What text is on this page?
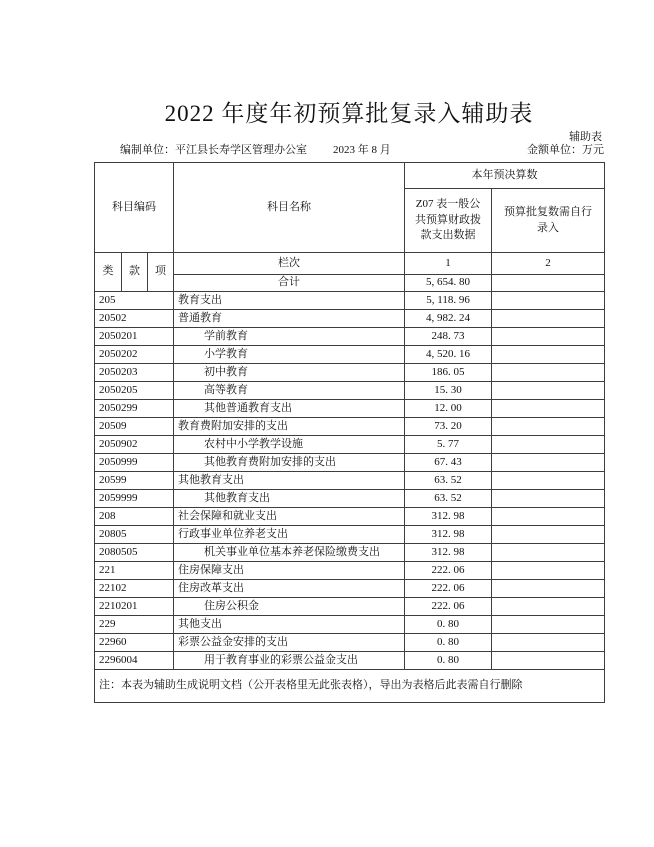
2022 年度年初预算批复录入辅助表
辅助表
编制单位：平江县长寿学区管理办公室 2023 年 8 月	金额单位：万元
科目编码			科目名称	本年预决算数	
				Z07 表一般公共预算财政拨款支出数据	预算批复数需自行录入
类	款	项	栏次	1	2
			合计	5, 654. 80	
205			教育支出	5, 118. 96	
20502			普通教育	4, 982. 24	
2050201			学前教育	248. 73	
2050202			小学教育	4, 520. 16	
2050203			初中教育	186. 05	
2050205			高等教育	15. 30	
2050299			其他普通教育支出	12. 00	
20509			教育费附加安排的支出	73. 20	
2050902			农村中小学教学设施	5. 77	
2050999			其他教育费附加安排的支出	67. 43	
20599			其他教育支出	63. 52	
2059999			其他教育支出	63. 52	
208			社会保障和就业支出	312. 98	
20805			行政事业单位养老支出	312. 98	
2080505			机关事业单位基本养老保险缴费支出	312. 98	
221			住房保障支出	222. 06	
22102			住房改革支出	222. 06	
2210201			住房公积金	222. 06	
229			其他支出	0. 80	
22960			彩票公益金安排的支出	0. 80	
2296004			用于教育事业的彩票公益金支出	0. 80	
注：本表为辅助生成说明文档（公开表格里无此张表格），导出为表格后此表需自行删除					
